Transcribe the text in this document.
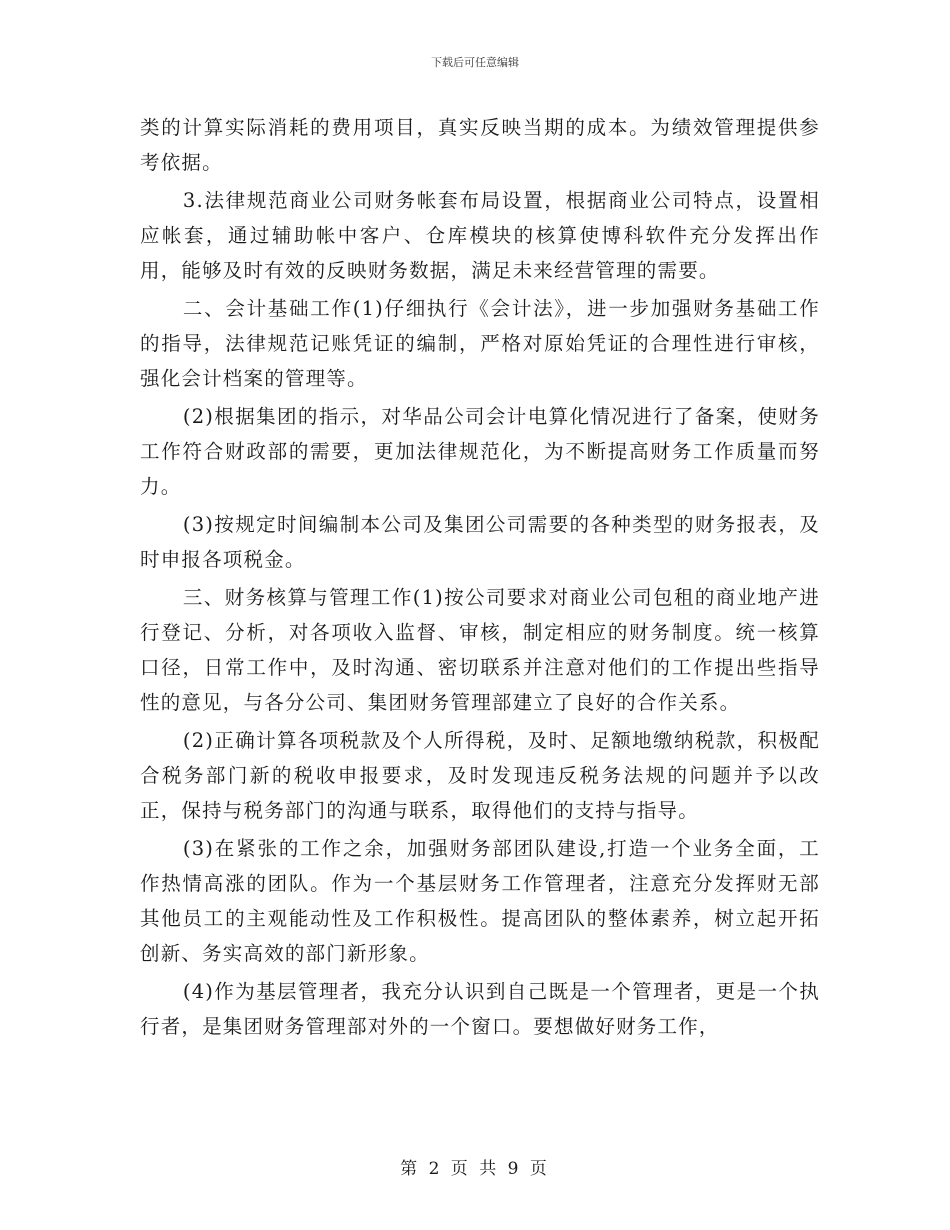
下载后可任意编辑

类的计算实际消耗的费用项目，真实反映当期的成本。为绩效管理提供参考依据。

3.法律规范商业公司财务帐套布局设置，根据商业公司特点，设置相应帐套，通过辅助帐中客户、仓库模块的核算使博科软件充分发挥出作用，能够及时有效的反映财务数据，满足未来经营管理的需要。

二、会计基础工作(1)仔细执行《会计法》，进一步加强财务基础工作的指导，法律规范记账凭证的编制，严格对原始凭证的合理性进行审核，强化会计档案的管理等。

(2)根据集团的指示，对华品公司会计电算化情况进行了备案，使财务工作符合财政部的需要，更加法律规范化，为不断提高财务工作质量而努力。

(3)按规定时间编制本公司及集团公司需要的各种类型的财务报表，及时申报各项税金。

三、财务核算与管理工作(1)按公司要求对商业公司包租的商业地产进行登记、分析，对各项收入监督、审核，制定相应的财务制度。统一核算口径，日常工作中，及时沟通、密切联系并注意对他们的工作提出些指导性的意见，与各分公司、集团财务管理部建立了良好的合作关系。

(2)正确计算各项税款及个人所得税，及时、足额地缴纳税款，积极配合税务部门新的税收申报要求，及时发现违反税务法规的问题并予以改正，保持与税务部门的沟通与联系，取得他们的支持与指导。

(3)在紧张的工作之余，加强财务部团队建设,打造一个业务全面，工作热情高涨的团队。作为一个基层财务工作管理者，注意充分发挥财无部其他员工的主观能动性及工作积极性。提高团队的整体素养，树立起开拓创新、务实高效的部门新形象。

(4)作为基层管理者，我充分认识到自己既是一个管理者，更是一个执行者，是集团财务管理部对外的一个窗口。要想做好财务工作，

第 2 页 共 9 页
